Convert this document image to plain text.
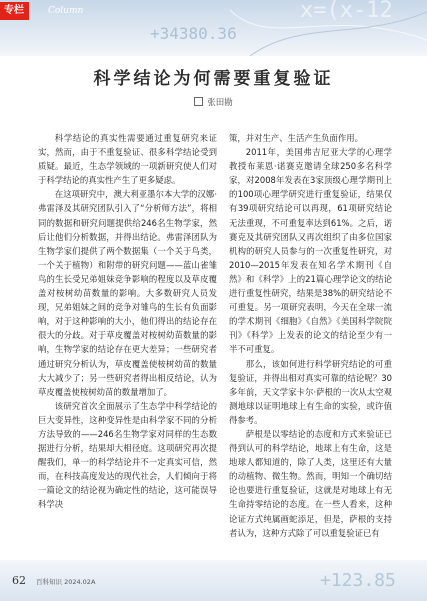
x=(x-12
+34380.36
专栏	Column
科学结论为何需要重复验证
张田勘

科学结论的真实性需要通过重复研究来证实，然而，由于不重复验证、很多科学结论受到质疑。最近，生态学领域的一项新研究使人们对于科学结论的真实性产生了更多疑虑。

在这项研究中，澳大利亚墨尔本大学的汉娜·弗雷泽及其研究团队引入了“分析师方法”，将相同的数据和研究问题提供给246名生物学家，然后让他们分析数据，并得出结论。弗雷泽团队为生物学家们提供了两个数据集（一个关于鸟类，一个关于植物）和附带的研究问题——蓝山雀雏鸟的生长受兄弟姐妹竞争影响的程度以及草皮覆盖对桉树幼苗数量的影响。大多数研究人员发现，兄弟姐妹之间的竞争对雏鸟的生长有负面影响，对于这种影响的大小，他们得出的结论存在很大的分歧。对于草皮覆盖对桉树幼苗数量的影响，生物学家的结论存在更大差异；一些研究者通过研究分析认为，草皮覆盖使桉树幼苗的数量大大减少了；另一些研究者得出相反结论，认为草皮覆盖使桉树幼苗的数量增加了。

该研究首次全面展示了生态学中科学结论的巨大变异性，这种变异性是由科学家不同的分析方法导致的——246名生物学家对同样的生态数据进行分析，结果却大相径庭。这项研究再次提醒我们，单一的科学结论并不一定真实可信，然而，在科技高度发达的现代社会，人们倾向于将一篇论文的结论视为确定性的结论，这可能误导科学决

策，并对生产、生活产生负面作用。

2011年，美国弗吉尼亚大学的心理学教授布莱恩·诺赛克邀请全球250多名科学家，对2008年发表在3家顶级心理学期刊上的100项心理学研究进行重复验证，结果仅有39项研究结论可以再现，61项研究结论无法重现，不可重复率达到61%。之后，诺赛克及其研究团队又再次组织了由多位国家机构的研究人员参与的一次重复性研究，对2010—2015年发表在知名学术期刊《自然》和《科学》上的21篇心理学论文的结论进行重复性研究，结果是38%的研究结论不可重复。另一项研究表明，今天在全球一流的学术期刊《细胞》《自然》《美国科学院院刊》《科学》上发表的论文的结论至少有一半不可重复。

那么，该如何进行科学研究结论的可重复验证，并得出相对真实可靠的结论呢？30多年前，天文学家卡尔·萨根的一次从太空观测地球以证明地球上有生命的实验，或许值得参考。

萨根是以零结论的态度和方式来验证已得到认可的科学结论，地球上有生命，这是地球人都知道的，除了人类，这里还有大量的动植物、微生物。然而，明知一个确切结论也要进行重复验证，这就是对地球上有无生命持零结论的态度。在一些人看来，这种论证方式纯属画蛇添足，但是，萨根的支持者认为，这种方式除了可以重复验证已有

+123.85
62 百科知识 2024.02A
